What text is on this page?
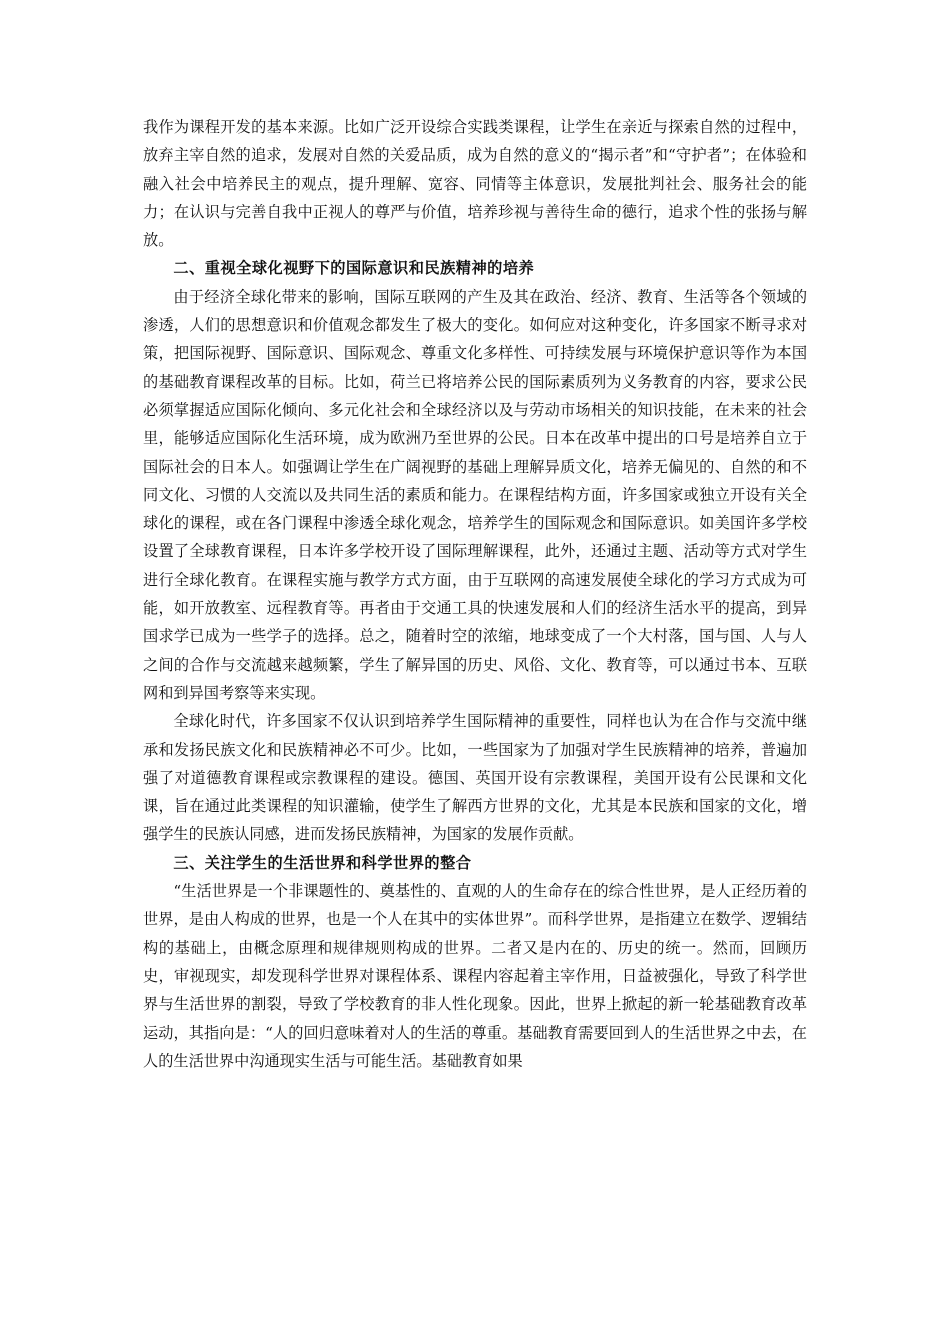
我作为课程开发的基本来源。比如广泛开设综合实践类课程，让学生在亲近与探索自然的过程中，放弃主宰自然的追求，发展对自然的关爱品质，成为自然的意义的“揭示者”和“守护者”；在体验和融入社会中培养民主的观点，提升理解、宽容、同情等主体意识，发展批判社会、服务社会的能力；在认识与完善自我中正视人的尊严与价值，培养珍视与善待生命的德行，追求个性的张扬与解放。

二、重视全球化视野下的国际意识和民族精神的培养

由于经济全球化带来的影响，国际互联网的产生及其在政治、经济、教育、生活等各个领域的渗透，人们的思想意识和价值观念都发生了极大的变化。如何应对这种变化，许多国家不断寻求对策，把国际视野、国际意识、国际观念、尊重文化多样性、可持续发展与环境保护意识等作为本国的基础教育课程改革的目标。比如，荷兰已将培养公民的国际素质列为义务教育的内容，要求公民必须掌握适应国际化倾向、多元化社会和全球经济以及与劳动市场相关的知识技能，在未来的社会里，能够适应国际化生活环境，成为欧洲乃至世界的公民。日本在改革中提出的口号是培养自立于国际社会的日本人。如强调让学生在广阔视野的基础上理解异质文化，培养无偏见的、自然的和不同文化、习惯的人交流以及共同生活的素质和能力。在课程结构方面，许多国家或独立开设有关全球化的课程，或在各门课程中渗透全球化观念，培养学生的国际观念和国际意识。如美国许多学校设置了全球教育课程，日本许多学校开设了国际理解课程，此外，还通过主题、活动等方式对学生进行全球化教育。在课程实施与教学方式方面，由于互联网的高速发展使全球化的学习方式成为可能，如开放教室、远程教育等。再者由于交通工具的快速发展和人们的经济生活水平的提高，到异国求学已成为一些学子的选择。总之，随着时空的浓缩，地球变成了一个大村落，国与国、人与人之间的合作与交流越来越频繁，学生了解异国的历史、风俗、文化、教育等，可以通过书本、互联网和到异国考察等来实现。

全球化时代，许多国家不仅认识到培养学生国际精神的重要性，同样也认为在合作与交流中继承和发扬民族文化和民族精神必不可少。比如，一些国家为了加强对学生民族精神的培养，普遍加强了对道德教育课程或宗教课程的建设。德国、英国开设有宗教课程，美国开设有公民课和文化课，旨在通过此类课程的知识灌输，使学生了解西方世界的文化，尤其是本民族和国家的文化，增强学生的民族认同感，进而发扬民族精神，为国家的发展作贡献。

三、关注学生的生活世界和科学世界的整合

“生活世界是一个非课题性的、奠基性的、直观的人的生命存在的综合性世界，是人正经历着的世界，是由人构成的世界，也是一个人在其中的实体世界”。而科学世界，是指建立在数学、逻辑结构的基础上，由概念原理和规律规则构成的世界。二者又是内在的、历史的统一。然而，回顾历史，审视现实，却发现科学世界对课程体系、课程内容起着主宰作用，日益被强化，导致了科学世界与生活世界的割裂，导致了学校教育的非人性化现象。因此，世界上掀起的新一轮基础教育改革运动，其指向是：“人的回归意味着对人的生活的尊重。基础教育需要回到人的生活世界之中去，在人的生活世界中沟通现实生活与可能生活。基础教育如果
